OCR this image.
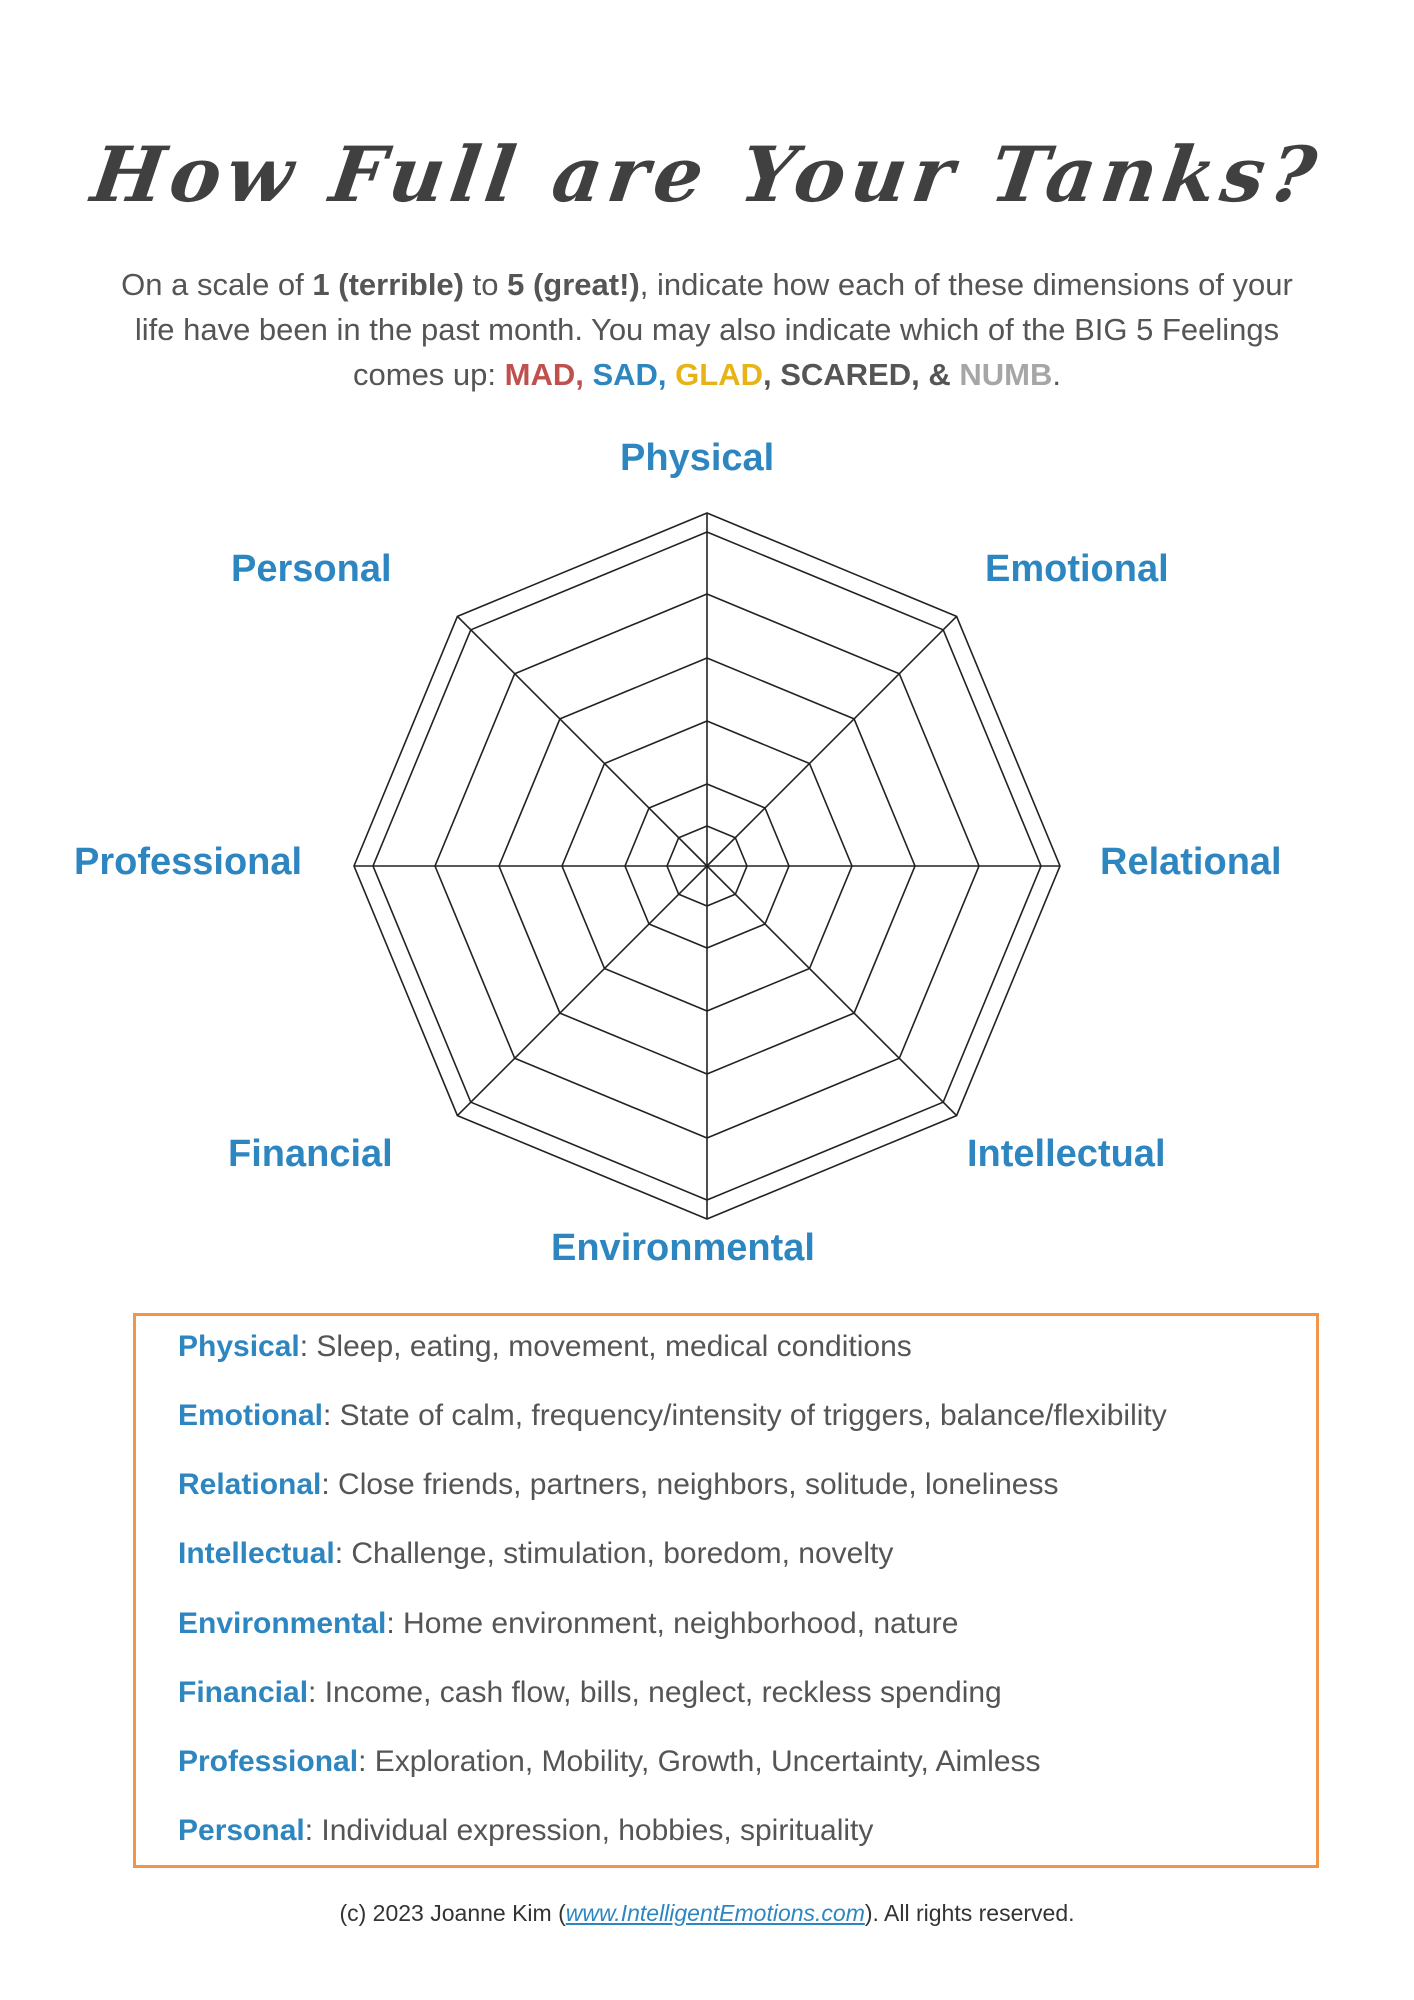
How Full are Your Tanks?
On a scale of 1 (terrible) to 5 (great!), indicate how each of these dimensions of your life have been in the past month. You may also indicate which of the BIG 5 Feelings comes up: MAD, SAD, GLAD, SCARED, & NUMB.
Physical
Emotional
Relational
Intellectual
Environmental
Financial
Professional
Personal
Physical: Sleep, eating, movement, medical conditions
Emotional: State of calm, frequency/intensity of triggers, balance/flexibility
Relational: Close friends, partners, neighbors, solitude, loneliness
Intellectual: Challenge, stimulation, boredom, novelty
Environmental: Home environment, neighborhood, nature
Financial: Income, cash flow, bills, neglect, reckless spending
Professional: Exploration, Mobility, Growth, Uncertainty, Aimless
Personal: Individual expression, hobbies, spirituality
(c) 2023 Joanne Kim (www.IntelligentEmotions.com). All rights reserved.
